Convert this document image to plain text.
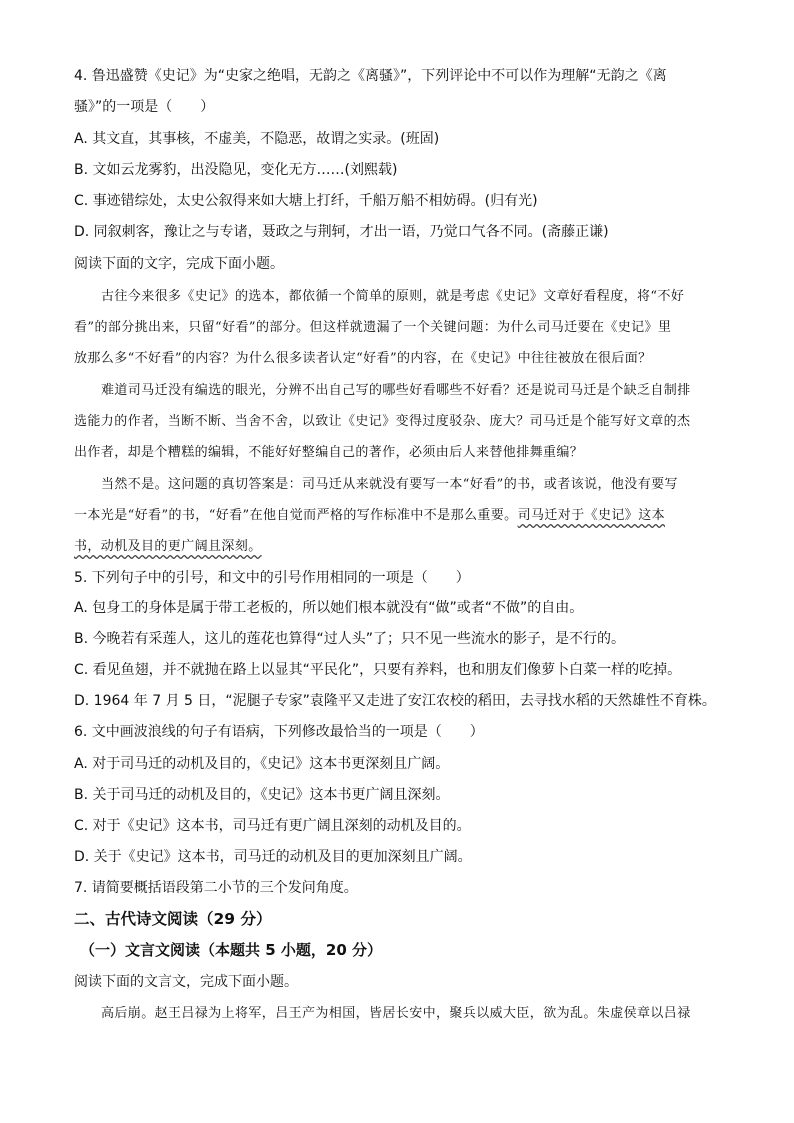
4. 鲁迅盛赞《史记》为“史家之绝唱，无韵之《离骚》”，下列评论中不可以作为理解“无韵之《离
骚》”的一项是（　　）
A. 其文直，其事核，不虚美，不隐恶，故谓之实录。(班固)
B. 文如云龙雾豹，出没隐见，变化无方……(刘熙载)
C. 事迹错综处，太史公叙得来如大塘上打纤，千船万船不相妨碍。(归有光)
D. 同叙刺客，豫让之与专诸，聂政之与荆轲，才出一语，乃觉口气各不同。(斋藤正谦)
阅读下面的文字，完成下面小题。
古往今来很多《史记》的选本，都依循一个简单的原则，就是考虑《史记》文章好看程度，将“不好
看”的部分挑出来，只留“好看”的部分。但这样就遗漏了一个关键问题：为什么司马迁要在《史记》里
放那么多“不好看”的内容？为什么很多读者认定“好看”的内容，在《史记》中往往被放在很后面？
难道司马迁没有编选的眼光，分辨不出自己写的哪些好看哪些不好看？还是说司马迁是个缺乏自制排
选能力的作者，当断不断、当舍不舍，以致让《史记》变得过度驳杂、庞大？司马迁是个能写好文章的杰
出作者，却是个糟糕的编辑，不能好好整编自己的著作，必须由后人来替他排舞重编？
当然不是。这问题的真切答案是：司马迁从来就没有要写一本“好看”的书，或者该说，他没有要写
一本光是“好看”的书，“好看”在他自觉而严格的写作标准中不是那么重要。司马迁对于《史记》这本
书，动机及目的更广阔且深刻。
5. 下列句子中的引号，和文中的引号作用相同的一项是（　　）
A. 包身工的身体是属于带工老板的，所以她们根本就没有“做”或者“不做”的自由。
B. 今晚若有采莲人，这儿的莲花也算得“过人头”了；只不见一些流水的影子，是不行的。
C. 看见鱼翅，并不就抛在路上以显其“平民化”，只要有养料，也和朋友们像萝卜白菜一样的吃掉。
D. 1964 年 7 月 5 日，“泥腿子专家”袁隆平又走进了安江农校的稻田，去寻找水稻的天然雄性不育株。
6. 文中画波浪线的句子有语病，下列修改最恰当的一项是（　　）
A. 对于司马迁的动机及目的，《史记》这本书更深刻且广阔。
B. 关于司马迁的动机及目的，《史记》这本书更广阔且深刻。
C. 对于《史记》这本书，司马迁有更广阔且深刻的动机及目的。
D. 关于《史记》这本书，司马迁的动机及目的更加深刻且广阔。
7. 请简要概括语段第二小节的三个发问角度。
二、古代诗文阅读（29 分）
（一）文言文阅读（本题共 5 小题，20 分）
阅读下面的文言文，完成下面小题。
高后崩。赵王吕禄为上将军，吕王产为相国，皆居长安中，聚兵以威大臣，欲为乱。朱虚侯章以吕禄
